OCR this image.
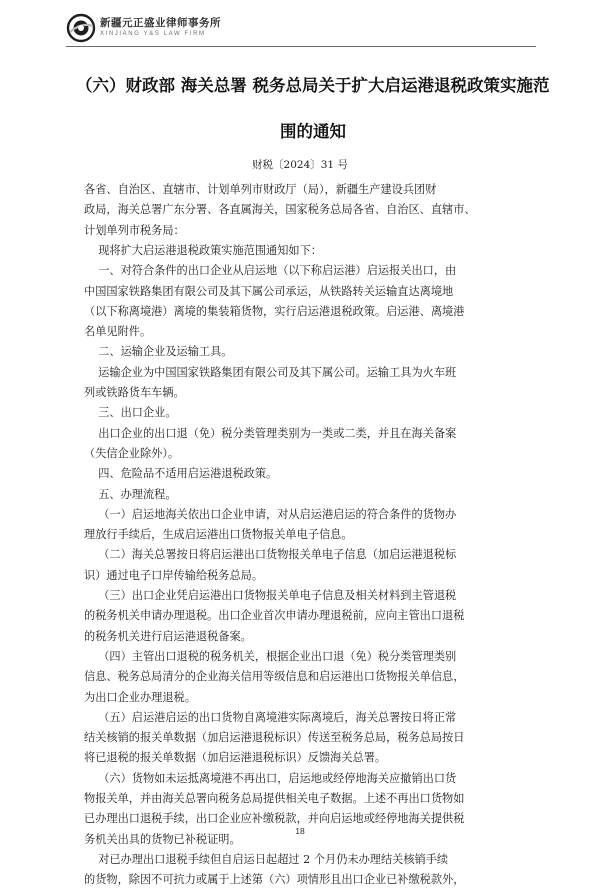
新疆元正盛业律师事务所
XINJIANG Y&S LAW FIRM
（六）财政部 海关总署 税务总局关于扩大启运港退税政策实施范
围的通知
财税〔2024〕31 号
各省、自治区、直辖市、计划单列市财政厅（局），新疆生产建设兵团财
政局，海关总署广东分署、各直属海关，国家税务总局各省、自治区、直辖市、
计划单列市税务局：
现将扩大启运港退税政策实施范围通知如下：
一、对符合条件的出口企业从启运地（以下称启运港）启运报关出口，由
中国国家铁路集团有限公司及其下属公司承运，从铁路转关运输直达离境地
（以下称离境港）离境的集装箱货物，实行启运港退税政策。启运港、离境港
名单见附件。
二、运输企业及运输工具。
运输企业为中国国家铁路集团有限公司及其下属公司。运输工具为火车班
列或铁路货车车辆。
三、出口企业。
出口企业的出口退（免）税分类管理类别为一类或二类，并且在海关备案
（失信企业除外）。
四、危险品不适用启运港退税政策。
五、办理流程。
（一）启运地海关依出口企业申请，对从启运港启运的符合条件的货物办
理放行手续后，生成启运港出口货物报关单电子信息。
（二）海关总署按日将启运港出口货物报关单电子信息（加启运港退税标
识）通过电子口岸传输给税务总局。
（三）出口企业凭启运港出口货物报关单电子信息及相关材料到主管退税
的税务机关申请办理退税。出口企业首次申请办理退税前，应向主管出口退税
的税务机关进行启运港退税备案。
（四）主管出口退税的税务机关，根据企业出口退（免）税分类管理类别
信息、税务总局清分的企业海关信用等级信息和启运港出口货物报关单信息，
为出口企业办理退税。
（五）启运港启运的出口货物自离境港实际离境后，海关总署按日将正常
结关核销的报关单数据（加启运港退税标识）传送至税务总局，税务总局按日
将已退税的报关单数据（加启运港退税标识）反馈海关总署。
（六）货物如未运抵离境港不再出口，启运地或经停地海关应撤销出口货
物报关单，并由海关总署向税务总局提供相关电子数据。上述不再出口货物如
已办理出口退税手续，出口企业应补缴税款，并向启运地或经停地海关提供税
务机关出具的货物已补税证明。
对已办理出口退税手续但自启运日起超过 2 个月仍未办理结关核销手续
的货物，除因不可抗力或属于上述第（六）项情形且出口企业已补缴税款外，
18
